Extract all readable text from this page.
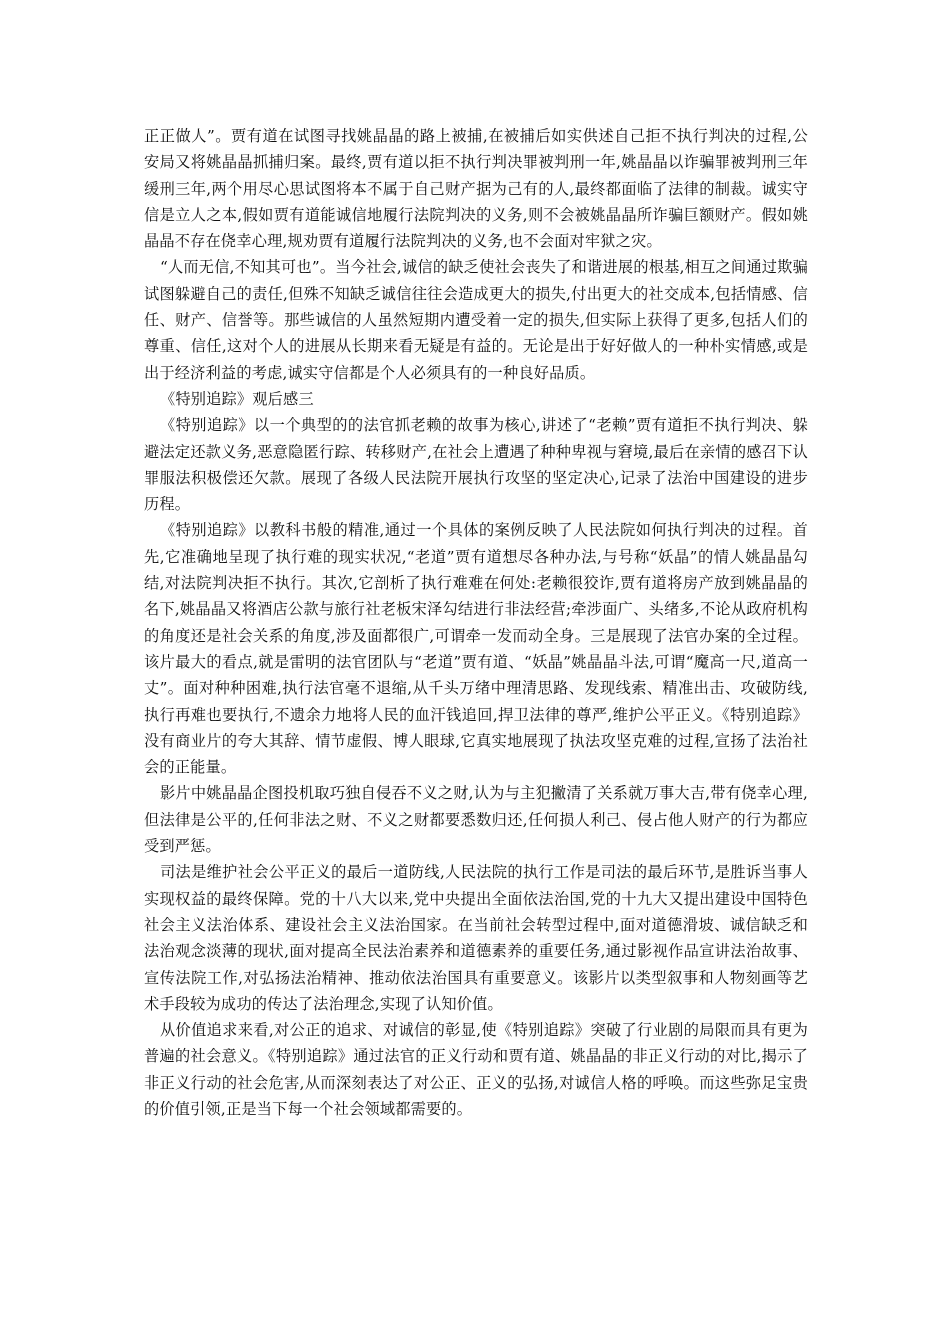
正正做人”。贾有道在试图寻找姚晶晶的路上被捕,在被捕后如实供述自己拒不执行判决的过程,公安局又将姚晶晶抓捕归案。最终,贾有道以拒不执行判决罪被判刑一年,姚晶晶以诈骗罪被判刑三年缓刑三年,两个用尽心思试图将本不属于自己财产据为己有的人,最终都面临了法律的制裁。诚实守信是立人之本,假如贾有道能诚信地履行法院判决的义务,则不会被姚晶晶所诈骗巨额财产。假如姚晶晶不存在侥幸心理,规劝贾有道履行法院判决的义务,也不会面对牢狱之灾。

“人而无信,不知其可也”。当今社会,诚信的缺乏使社会丧失了和谐进展的根基,相互之间通过欺骗试图躲避自己的责任,但殊不知缺乏诚信往往会造成更大的损失,付出更大的社交成本,包括情感、信任、财产、信誉等。那些诚信的人虽然短期内遭受着一定的损失,但实际上获得了更多,包括人们的尊重、信任,这对个人的进展从长期来看无疑是有益的。无论是出于好好做人的一种朴实情感,或是出于经济利益的考虑,诚实守信都是个人必须具有的一种良好品质。

《特别追踪》观后感三

《特别追踪》以一个典型的的法官抓老赖的故事为核心,讲述了“老赖”贾有道拒不执行判决、躲避法定还款义务,恶意隐匿行踪、转移财产,在社会上遭遇了种种卑视与窘境,最后在亲情的感召下认罪服法积极偿还欠款。展现了各级人民法院开展执行攻坚的坚定决心,记录了法治中国建设的进步历程。

《特别追踪》以教科书般的精准,通过一个具体的案例反映了人民法院如何执行判决的过程。首先,它准确地呈现了执行难的现实状况,“老道”贾有道想尽各种办法,与号称“妖晶”的情人姚晶晶勾结,对法院判决拒不执行。其次,它剖析了执行难难在何处:老赖很狡诈,贾有道将房产放到姚晶晶的名下,姚晶晶又将酒店公款与旅行社老板宋泽勾结进行非法经营;牵涉面广、头绪多,不论从政府机构的角度还是社会关系的角度,涉及面都很广,可谓牵一发而动全身。三是展现了法官办案的全过程。该片最大的看点,就是雷明的法官团队与“老道”贾有道、“妖晶”姚晶晶斗法,可谓“魔高一尺,道高一丈”。面对种种困难,执行法官毫不退缩,从千头万绪中理清思路、发现线索、精准出击、攻破防线,执行再难也要执行,不遗余力地将人民的血汗钱追回,捍卫法律的尊严,维护公平正义。《特别追踪》没有商业片的夸大其辞、情节虚假、博人眼球,它真实地展现了执法攻坚克难的过程,宣扬了法治社会的正能量。

影片中姚晶晶企图投机取巧独自侵吞不义之财,认为与主犯撇清了关系就万事大吉,带有侥幸心理,但法律是公平的,任何非法之财、不义之财都要悉数归还,任何损人利己、侵占他人财产的行为都应受到严惩。

司法是维护社会公平正义的最后一道防线,人民法院的执行工作是司法的最后环节,是胜诉当事人实现权益的最终保障。党的十八大以来,党中央提出全面依法治国,党的十九大又提出建设中国特色社会主义法治体系、建设社会主义法治国家。在当前社会转型过程中,面对道德滑坡、诚信缺乏和法治观念淡薄的现状,面对提高全民法治素养和道德素养的重要任务,通过影视作品宣讲法治故事、宣传法院工作,对弘扬法治精神、推动依法治国具有重要意义。该影片以类型叙事和人物刻画等艺术手段较为成功的传达了法治理念,实现了认知价值。

从价值追求来看,对公正的追求、对诚信的彰显,使《特别追踪》突破了行业剧的局限而具有更为普遍的社会意义。《特别追踪》通过法官的正义行动和贾有道、姚晶晶的非正义行动的对比,揭示了非正义行动的社会危害,从而深刻表达了对公正、正义的弘扬,对诚信人格的呼唤。而这些弥足宝贵的价值引领,正是当下每一个社会领域都需要的。
